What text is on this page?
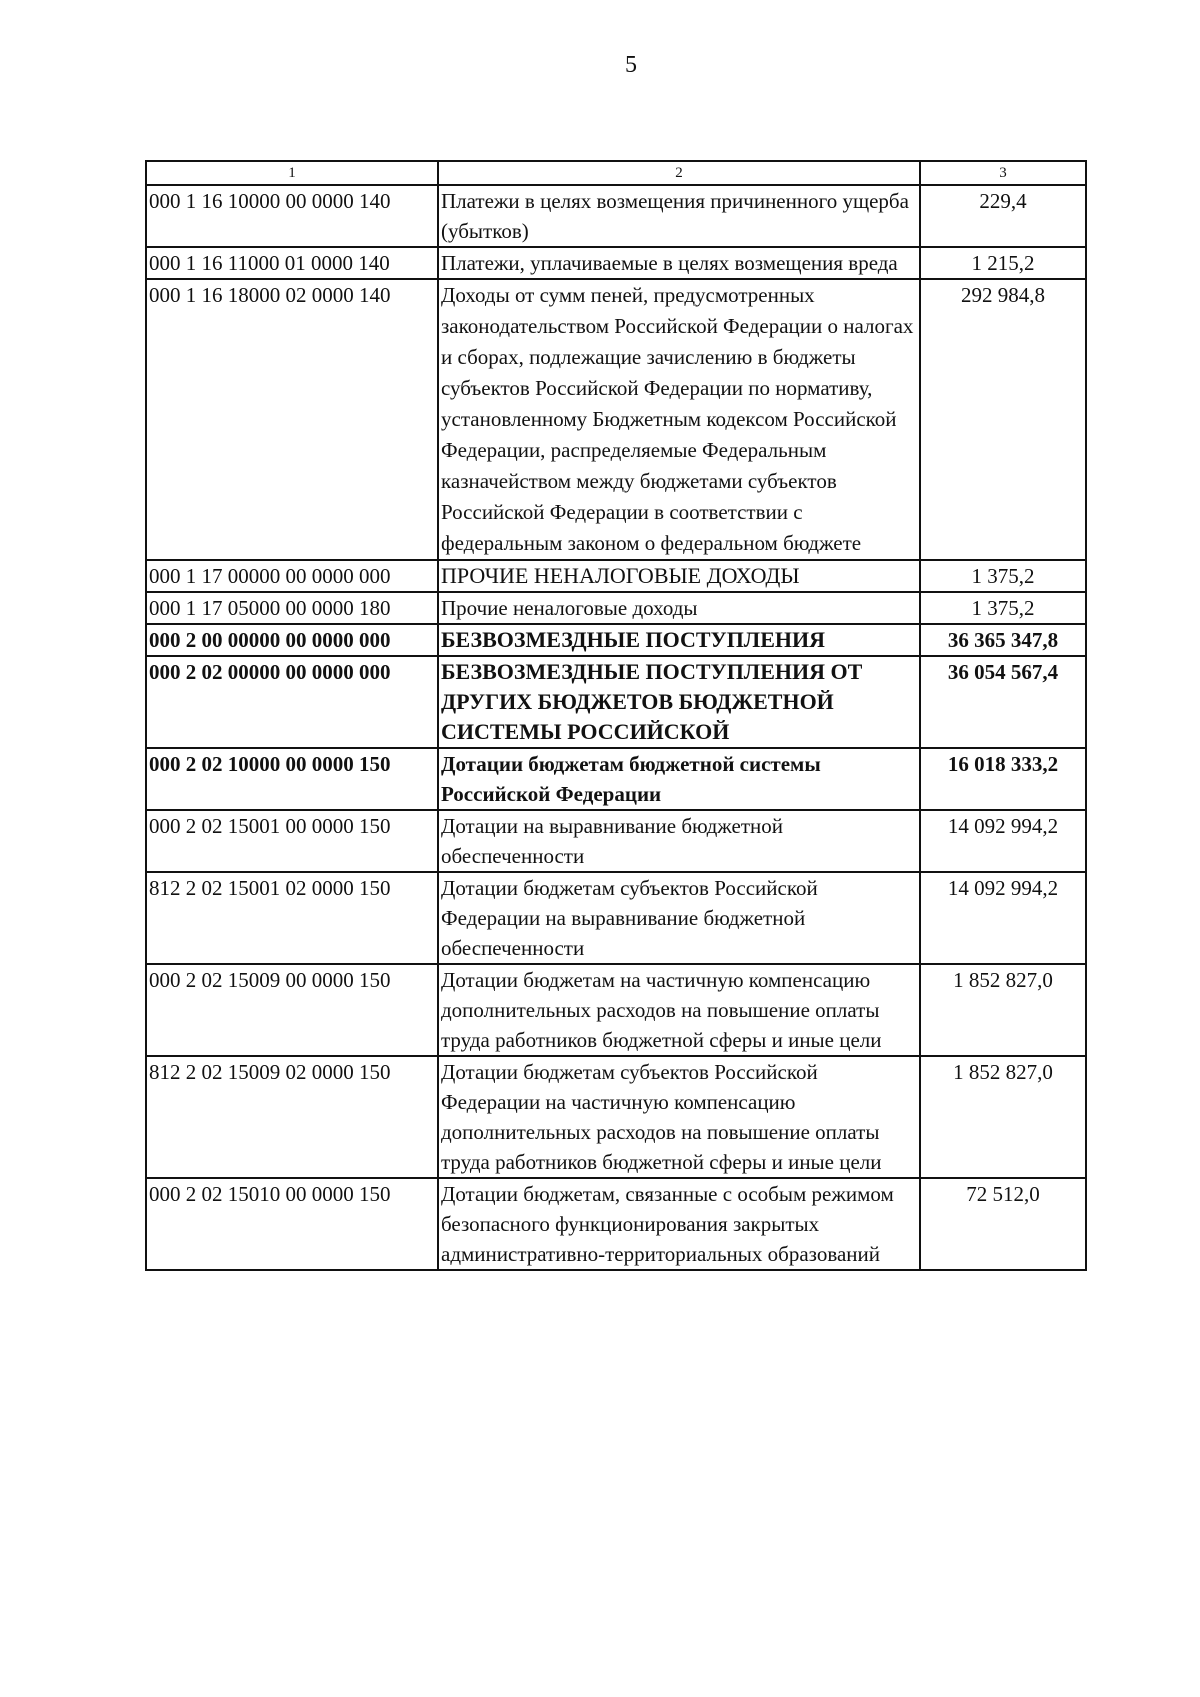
5
1	2	3
000 1 16 10000 00 0000 140	Платежи в целях возмещения причиненного ущерба (убытков)	229,4
000 1 16 11000 01 0000 140	Платежи, уплачиваемые в целях возмещения вреда	1 215,2
000 1 16 18000 02 0000 140	Доходы от сумм пеней, предусмотренных законодательством Российской Федерации о налогах и сборах, подлежащие зачислению в бюджеты субъектов Российской Федерации по нормативу, установленному Бюджетным кодексом Российской Федерации, распределяемые Федеральным казначейством между бюджетами субъектов Российской Федерации в соответствии с федеральным законом о федеральном бюджете	292 984,8
000 1 17 00000 00 0000 000	ПРОЧИЕ НЕНАЛОГОВЫЕ ДОХОДЫ	1 375,2
000 1 17 05000 00 0000 180	Прочие неналоговые доходы	1 375,2
000 2 00 00000 00 0000 000	БЕЗВОЗМЕЗДНЫЕ ПОСТУПЛЕНИЯ	36 365 347,8
000 2 02 00000 00 0000 000	БЕЗВОЗМЕЗДНЫЕ ПОСТУПЛЕНИЯ ОТ ДРУГИХ БЮДЖЕТОВ БЮДЖЕТНОЙ СИСТЕМЫ РОССИЙСКОЙ	36 054 567,4
000 2 02 10000 00 0000 150	Дотации бюджетам бюджетной системы Российской Федерации	16 018 333,2
000 2 02 15001 00 0000 150	Дотации на выравнивание бюджетной обеспеченности	14 092 994,2
812 2 02 15001 02 0000 150	Дотации бюджетам субъектов Российской Федерации на выравнивание бюджетной обеспеченности	14 092 994,2
000 2 02 15009 00 0000 150	Дотации бюджетам на частичную компенсацию дополнительных расходов на повышение оплаты труда работников бюджетной сферы и иные цели	1 852 827,0
812 2 02 15009 02 0000 150	Дотации бюджетам субъектов Российской Федерации на частичную компенсацию дополнительных расходов на повышение оплаты труда работников бюджетной сферы и иные цели	1 852 827,0
000 2 02 15010 00 0000 150	Дотации бюджетам, связанные с особым режимом безопасного функционирования закрытых административно-территориальных образований	72 512,0
